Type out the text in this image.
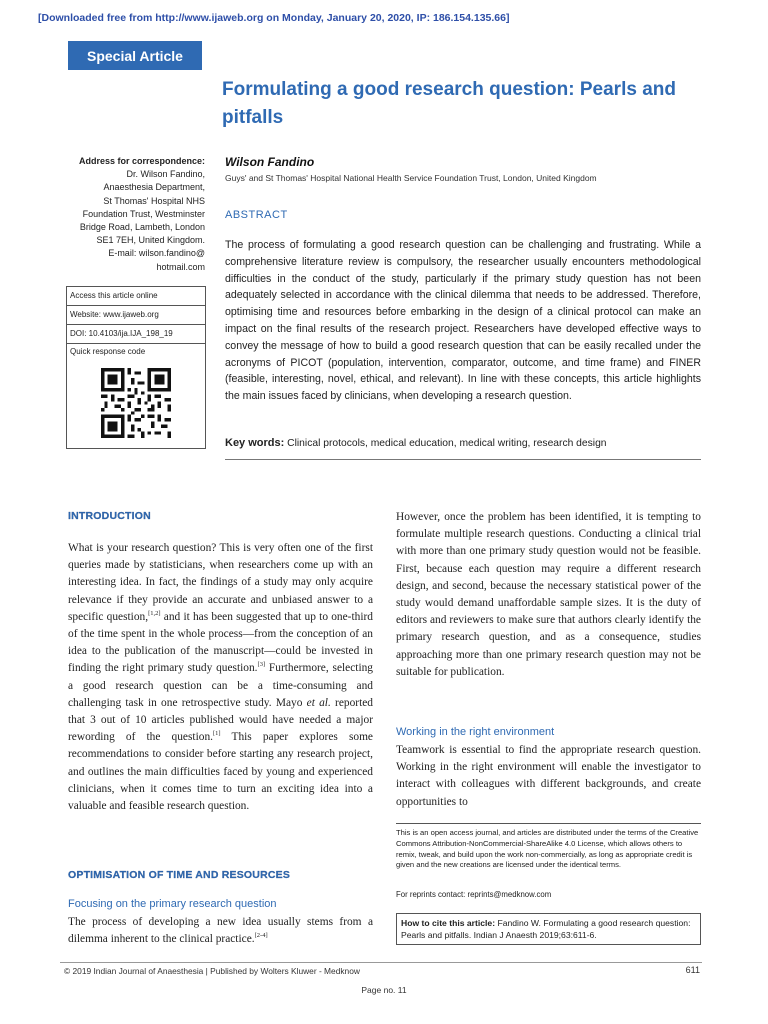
[Downloaded free from http://www.ijaweb.org on Monday, January 20, 2020, IP: 186.154.135.66]
Special Article
Formulating a good research question: Pearls and pitfalls
Address for correspondence:
Dr. Wilson Fandino,
Anaesthesia Department,
St Thomas' Hospital NHS
Foundation Trust, Westminster
Bridge Road, Lambeth, London
SE1 7EH, United Kingdom.
E-mail: wilson.fandino@
hotmail.com
Access this article online
Website: www.ijaweb.org
DOI: 10.4103/ija.IJA_198_19
Quick response code
Wilson Fandino
Guys' and St Thomas' Hospital National Health Service Foundation Trust, London, United Kingdom
ABSTRACT

The process of formulating a good research question can be challenging and frustrating. While a comprehensive literature review is compulsory, the researcher usually encounters methodological difficulties in the conduct of the study, particularly if the primary study question has not been adequately selected in accordance with the clinical dilemma that needs to be addressed. Therefore, optimising time and resources before embarking in the design of a clinical protocol can make an impact on the final results of the research project. Researchers have developed effective ways to convey the message of how to build a good research question that can be easily recalled under the acronyms of PICOT (population, intervention, comparator, outcome, and time frame) and FINER (feasible, interesting, novel, ethical, and relevant). In line with these concepts, this article highlights the main issues faced by clinicians, when developing a research question.

Key words: Clinical protocols, medical education, medical writing, research design
INTRODUCTION

What is your research question? This is very often one of the first queries made by statisticians, when researchers come up with an interesting idea. In fact, the findings of a study may only acquire relevance if they provide an accurate and unbiased answer to a specific question,[1,2] and it has been suggested that up to one-third of the time spent in the whole process—from the conception of an idea to the publication of the manuscript—could be invested in finding the right primary study question.[3] Furthermore, selecting a good research question can be a time-consuming and challenging task in one retrospective study. Mayo et al. reported that 3 out of 10 articles published would have needed a major rewording of the question.[1] This paper explores some recommendations to consider before starting any research project, and outlines the main difficulties faced by young and experienced clinicians, when it comes time to turn an exciting idea into a valuable and feasible research question.

OPTIMISATION OF TIME AND RESOURCES
Focusing on the primary research question

The process of developing a new idea usually stems from a dilemma inherent to the clinical practice.[2-4]

However, once the problem has been identified, it is tempting to formulate multiple research questions. Conducting a clinical trial with more than one primary study question would not be feasible. First, because each question may require a different research design, and second, because the necessary statistical power of the study would demand unaffordable sample sizes. It is the duty of editors and reviewers to make sure that authors clearly identify the primary research question, and as a consequence, studies approaching more than one primary research question may not be suitable for publication.

Working in the right environment

Teamwork is essential to find the appropriate research question. Working in the right environment will enable the investigator to interact with colleagues with different backgrounds, and create opportunities to

This is an open access journal, and articles are distributed under the terms of the Creative Commons Attribution-NonCommercial-ShareAlike 4.0 License, which allows others to remix, tweak, and build upon the work non-commercially, as long as appropriate credit is given and the new creations are licensed under the identical terms.

For reprints contact: reprints@medknow.com
How to cite this article: Fandino W. Formulating a good research question: Pearls and pitfalls. Indian J Anaesth 2019;63:611-6.
© 2019 Indian Journal of Anaesthesia | Published by Wolters Kluwer - Medknow	611
Page no. 11
